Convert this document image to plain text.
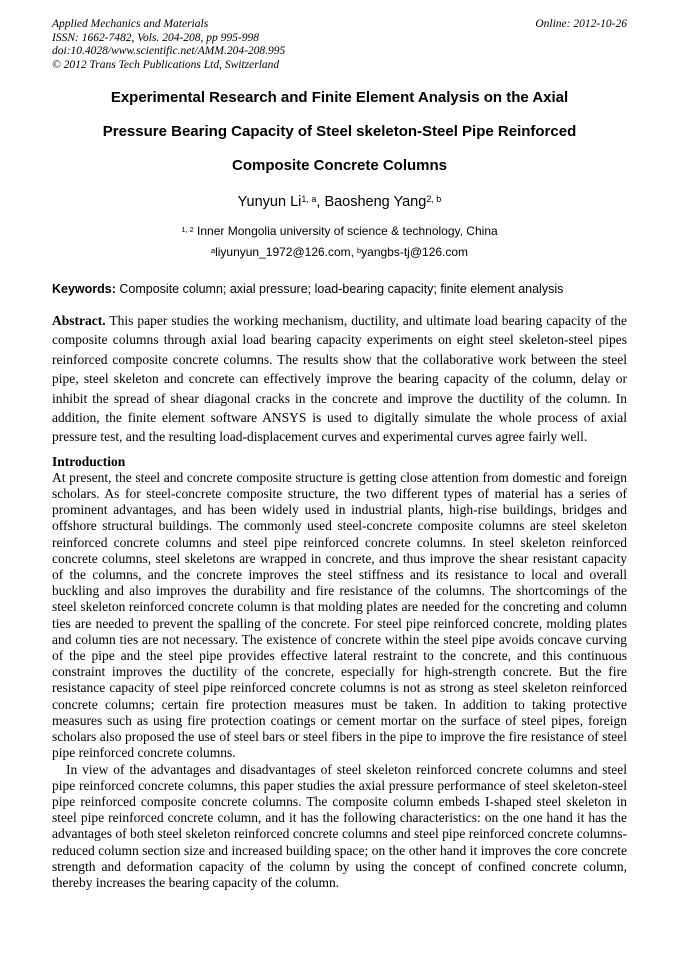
Applied Mechanics and Materials
ISSN: 1662-7482, Vols. 204-208, pp 995-998
doi:10.4028/www.scientific.net/AMM.204-208.995
© 2012 Trans Tech Publications Ltd, Switzerland
Online: 2012-10-26
Experimental Research and Finite Element Analysis on the Axial
Pressure Bearing Capacity of Steel skeleton-Steel Pipe Reinforced
Composite Concrete Columns
Yunyun Li$^{1, a}$, Baosheng Yang$^{2, b}$
$^{1, 2}$ Inner Mongolia university of science & technology, China
$^a$liyunyun_1972@126.com, $^b$yangbs-tj@126.com
Keywords: Composite column; axial pressure; load-bearing capacity; finite element analysis
Abstract. This paper studies the working mechanism, ductility, and ultimate load bearing capacity of the composite columns through axial load bearing capacity experiments on eight steel skeleton-steel pipes reinforced composite concrete columns. The results show that the collaborative work between the steel pipe, steel skeleton and concrete can effectively improve the bearing capacity of the column, delay or inhibit the spread of shear diagonal cracks in the concrete and improve the ductility of the column. In addition, the finite element software ANSYS is used to digitally simulate the whole process of axial pressure test, and the resulting load-displacement curves and experimental curves agree fairly well.
Introduction
At present, the steel and concrete composite structure is getting close attention from domestic and foreign scholars. As for steel-concrete composite structure, the two different types of material has a series of prominent advantages, and has been widely used in industrial plants, high-rise buildings, bridges and offshore structural buildings. The commonly used steel-concrete composite columns are steel skeleton reinforced concrete columns and steel pipe reinforced concrete columns. In steel skeleton reinforced concrete columns, steel skeletons are wrapped in concrete, and thus improve the shear resistant capacity of the columns, and the concrete improves the steel stiffness and its resistance to local and overall buckling and also improves the durability and fire resistance of the columns. The shortcomings of the steel skeleton reinforced concrete column is that molding plates are needed for the concreting and column ties are needed to prevent the spalling of the concrete. For steel pipe reinforced concrete, molding plates and column ties are not necessary. The existence of concrete within the steel pipe avoids concave curving of the pipe and the steel pipe provides effective lateral restraint to the concrete, and this continuous constraint improves the ductility of the concrete, especially for high-strength concrete. But the fire resistance capacity of steel pipe reinforced concrete columns is not as strong as steel skeleton reinforced concrete columns; certain fire protection measures must be taken. In addition to taking protective measures such as using fire protection coatings or cement mortar on the surface of steel pipes, foreign scholars also proposed the use of steel bars or steel fibers in the pipe to improve the fire resistance of steel pipe reinforced concrete columns.
In view of the advantages and disadvantages of steel skeleton reinforced concrete columns and steel pipe reinforced concrete columns, this paper studies the axial pressure performance of steel skeleton-steel pipe reinforced composite concrete columns. The composite column embeds I-shaped steel skeleton in steel pipe reinforced concrete column, and it has the following characteristics: on the one hand it has the advantages of both steel skeleton reinforced concrete columns and steel pipe reinforced concrete columns- reduced column section size and increased building space; on the other hand it improves the core concrete strength and deformation capacity of the column by using the concept of confined concrete column, thereby increases the bearing capacity of the column.
